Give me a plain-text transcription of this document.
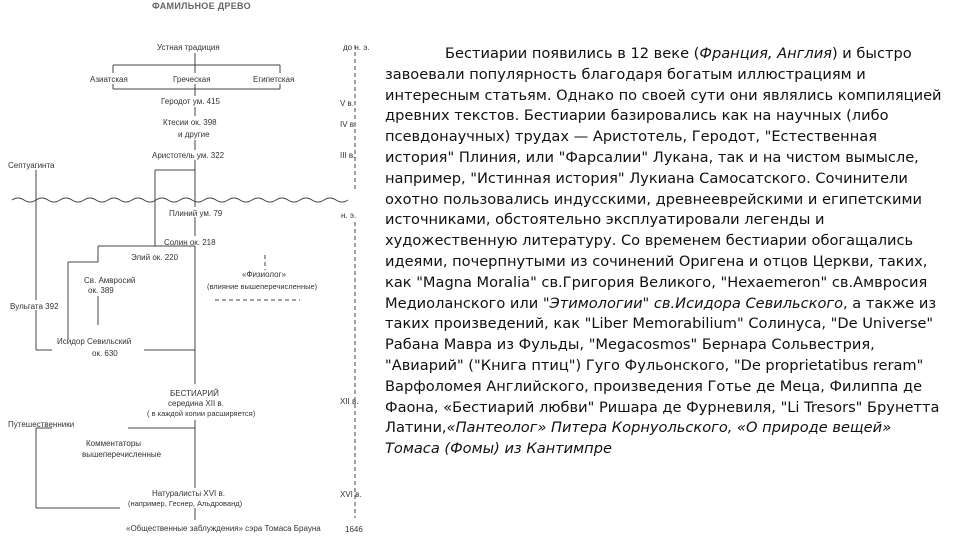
ФАМИЛЬНОЕ ДРЕВО
до н. э.
V в.
IV в.
III в.
н. э.
XII в.
XVI в.
1646
Устная традиция
Азиатская	Греческая	Египетская
Геродот ум. 415
Ктесии ок. 398
и другие
Аристотель ум. 322
Септуагинта
Плиний ум. 79
Солин ок. 218
Элий ок. 220
Св. Амвросий
ок. 389
«Физиолог»
(влияние вышеперечисленные)
Вульгата 392
Исидор Севильский
ок. 630
БЕСТИАРИЙ
середина XII в.
( в каждой копии расширяется)
Путешественники
Комментаторы
вышеперечисленные
Натуралисты XVI в.
(например, Геснер, Альдрованд)
«Общественные заблуждения» сэра Томаса Брауна

Бестиарии появились в 12 веке (Франция, Англия) и быстро завоевали популярность благодаря богатым иллюстрациям и интересным статьям. Однако по своей сути они являлись компиляцией древних текстов. Бестиарии базировались как на научных (либо псевдонаучных) трудах — Аристотель, Геродот, "Естественная история" Плиния, или "Фарсалии" Лукана, так и на чистом вымысле, например, "Истинная история" Лукиана Самосатского. Сочинители охотно пользовались индусскими, древнееврейскими и египетскими источниками, обстоятельно эксплуатировали легенды и художественную литературу. Со временем бестиарии обогащались идеями, почерпнутыми из сочинений Оригена и отцов Церкви, таких, как "Magna Moralia" св.Григория Великого, "Hexaemeron" св.Амвросия Медиоланского или "Этимологии" св.Исидора Севильского, а также из таких произведений, как "Liber Memorabilium" Солинуса, "De Universe" Рабана Мавра из Фульды, "Megacosmos" Бернара Сольвестрия, "Авиарий" ("Книга птиц") Гуго Фульонского, "De proprietatibus reram" Варфоломея Английского, произведения Готье де Меца, Филиппа де Фаона, «Бестиарий любви" Ришара де Фурневиля, "Li Tresors" Брунетта Латини,«Пантеолог» Питера Корнуольского, «О природе вещей» Томаса (Фомы) из Кантимпре
